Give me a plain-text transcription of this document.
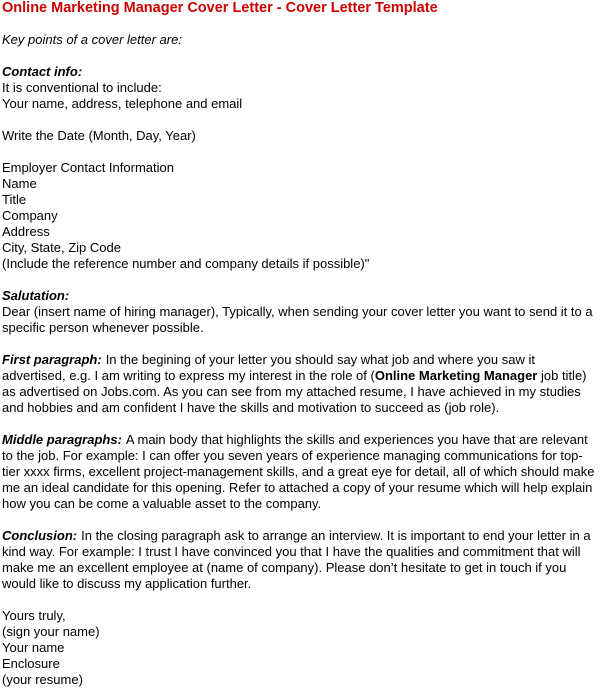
Online Marketing Manager Cover Letter - Cover Letter Template
Key points of a cover letter are:
Contact info:
It is conventional to include:
Your name, address, telephone and email
Write the Date (Month, Day, Year)
Employer Contact Information
Name
Title
Company
Address
City, State, Zip Code
(Include the reference number and company details if possible)"
Salutation:
Dear (insert name of hiring manager), Typically, when sending your cover letter you want to send it to a specific person whenever possible.
First paragraph: In the begining of your letter you should say what job and where you saw it advertised, e.g. I am writing to express my interest in the role of (Online Marketing Manager job title) as advertised on Jobs.com. As you can see from my attached resume, I have achieved in my studies and hobbies and am confident I have the skills and motivation to succeed as (job role).
Middle paragraphs: A main body that highlights the skills and experiences you have that are relevant to the job. For example: I can offer you seven years of experience managing communications for top-tier xxxx firms, excellent project-management skills, and a great eye for detail, all of which should make me an ideal candidate for this opening. Refer to attached a copy of your resume which will help explain how you can be come a valuable asset to the company.
Conclusion: In the closing paragraph ask to arrange an interview. It is important to end your letter in a kind way. For example: I trust I have convinced you that I have the qualities and commitment that will make me an excellent employee at (name of company). Please don’t hesitate to get in touch if you would like to discuss my application further.
Yours truly,
(sign your name)
Your name
Enclosure
(your resume)
